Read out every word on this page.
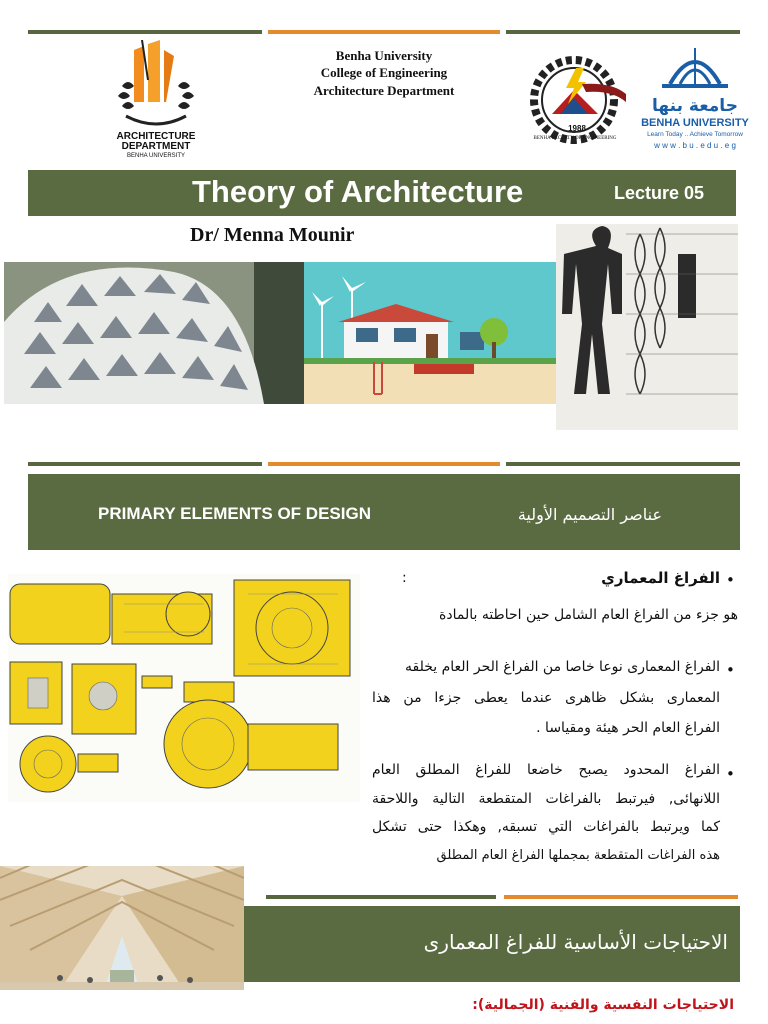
Benha University
College of Engineering
Architecture Department
ARCHITECTURE
DEPARTMENT
BENHA UNIVERSITY
1988
BENHA FACULTY OF ENGINEERING
جامعة بنها
BENHA UNIVERSITY
Learn Today .. Achieve Tomorrow
w w w . b u . e d u . e g
Theory of Architecture	Lecture 05
Dr/ Menna Mounir
PRIMARY ELEMENTS OF DESIGN	عناصر التصميم الأولية
•
الفراغ المعماري
:
هو جزء من الفراغ العام الشامل حين احاطته بالمادة
•
الفراغ المعمارى نوعا خاصا من الفراغ الحر العام يخلقه
المعمارى بشكل ظاهرى عندما يعطى جزءا من هذا
الفراغ العام الحر هيئة ومقياسا .
•
الفراغ المحدود يصبح خاضعا للفراغ المطلق العام
اللانهائى, فيرتبط بالفراغات المتقطعة التالية واللاحقة
كما ويرتبط بالفراغات التي تسبقه, وهكذا حتى تشكل
هذه الفراغات المتقطعة بمجملها الفراغ العام المطلق
الاحتياجات الأساسية للفراغ المعمارى
الاحتياجات النفسية والفنية (الجمالية):
